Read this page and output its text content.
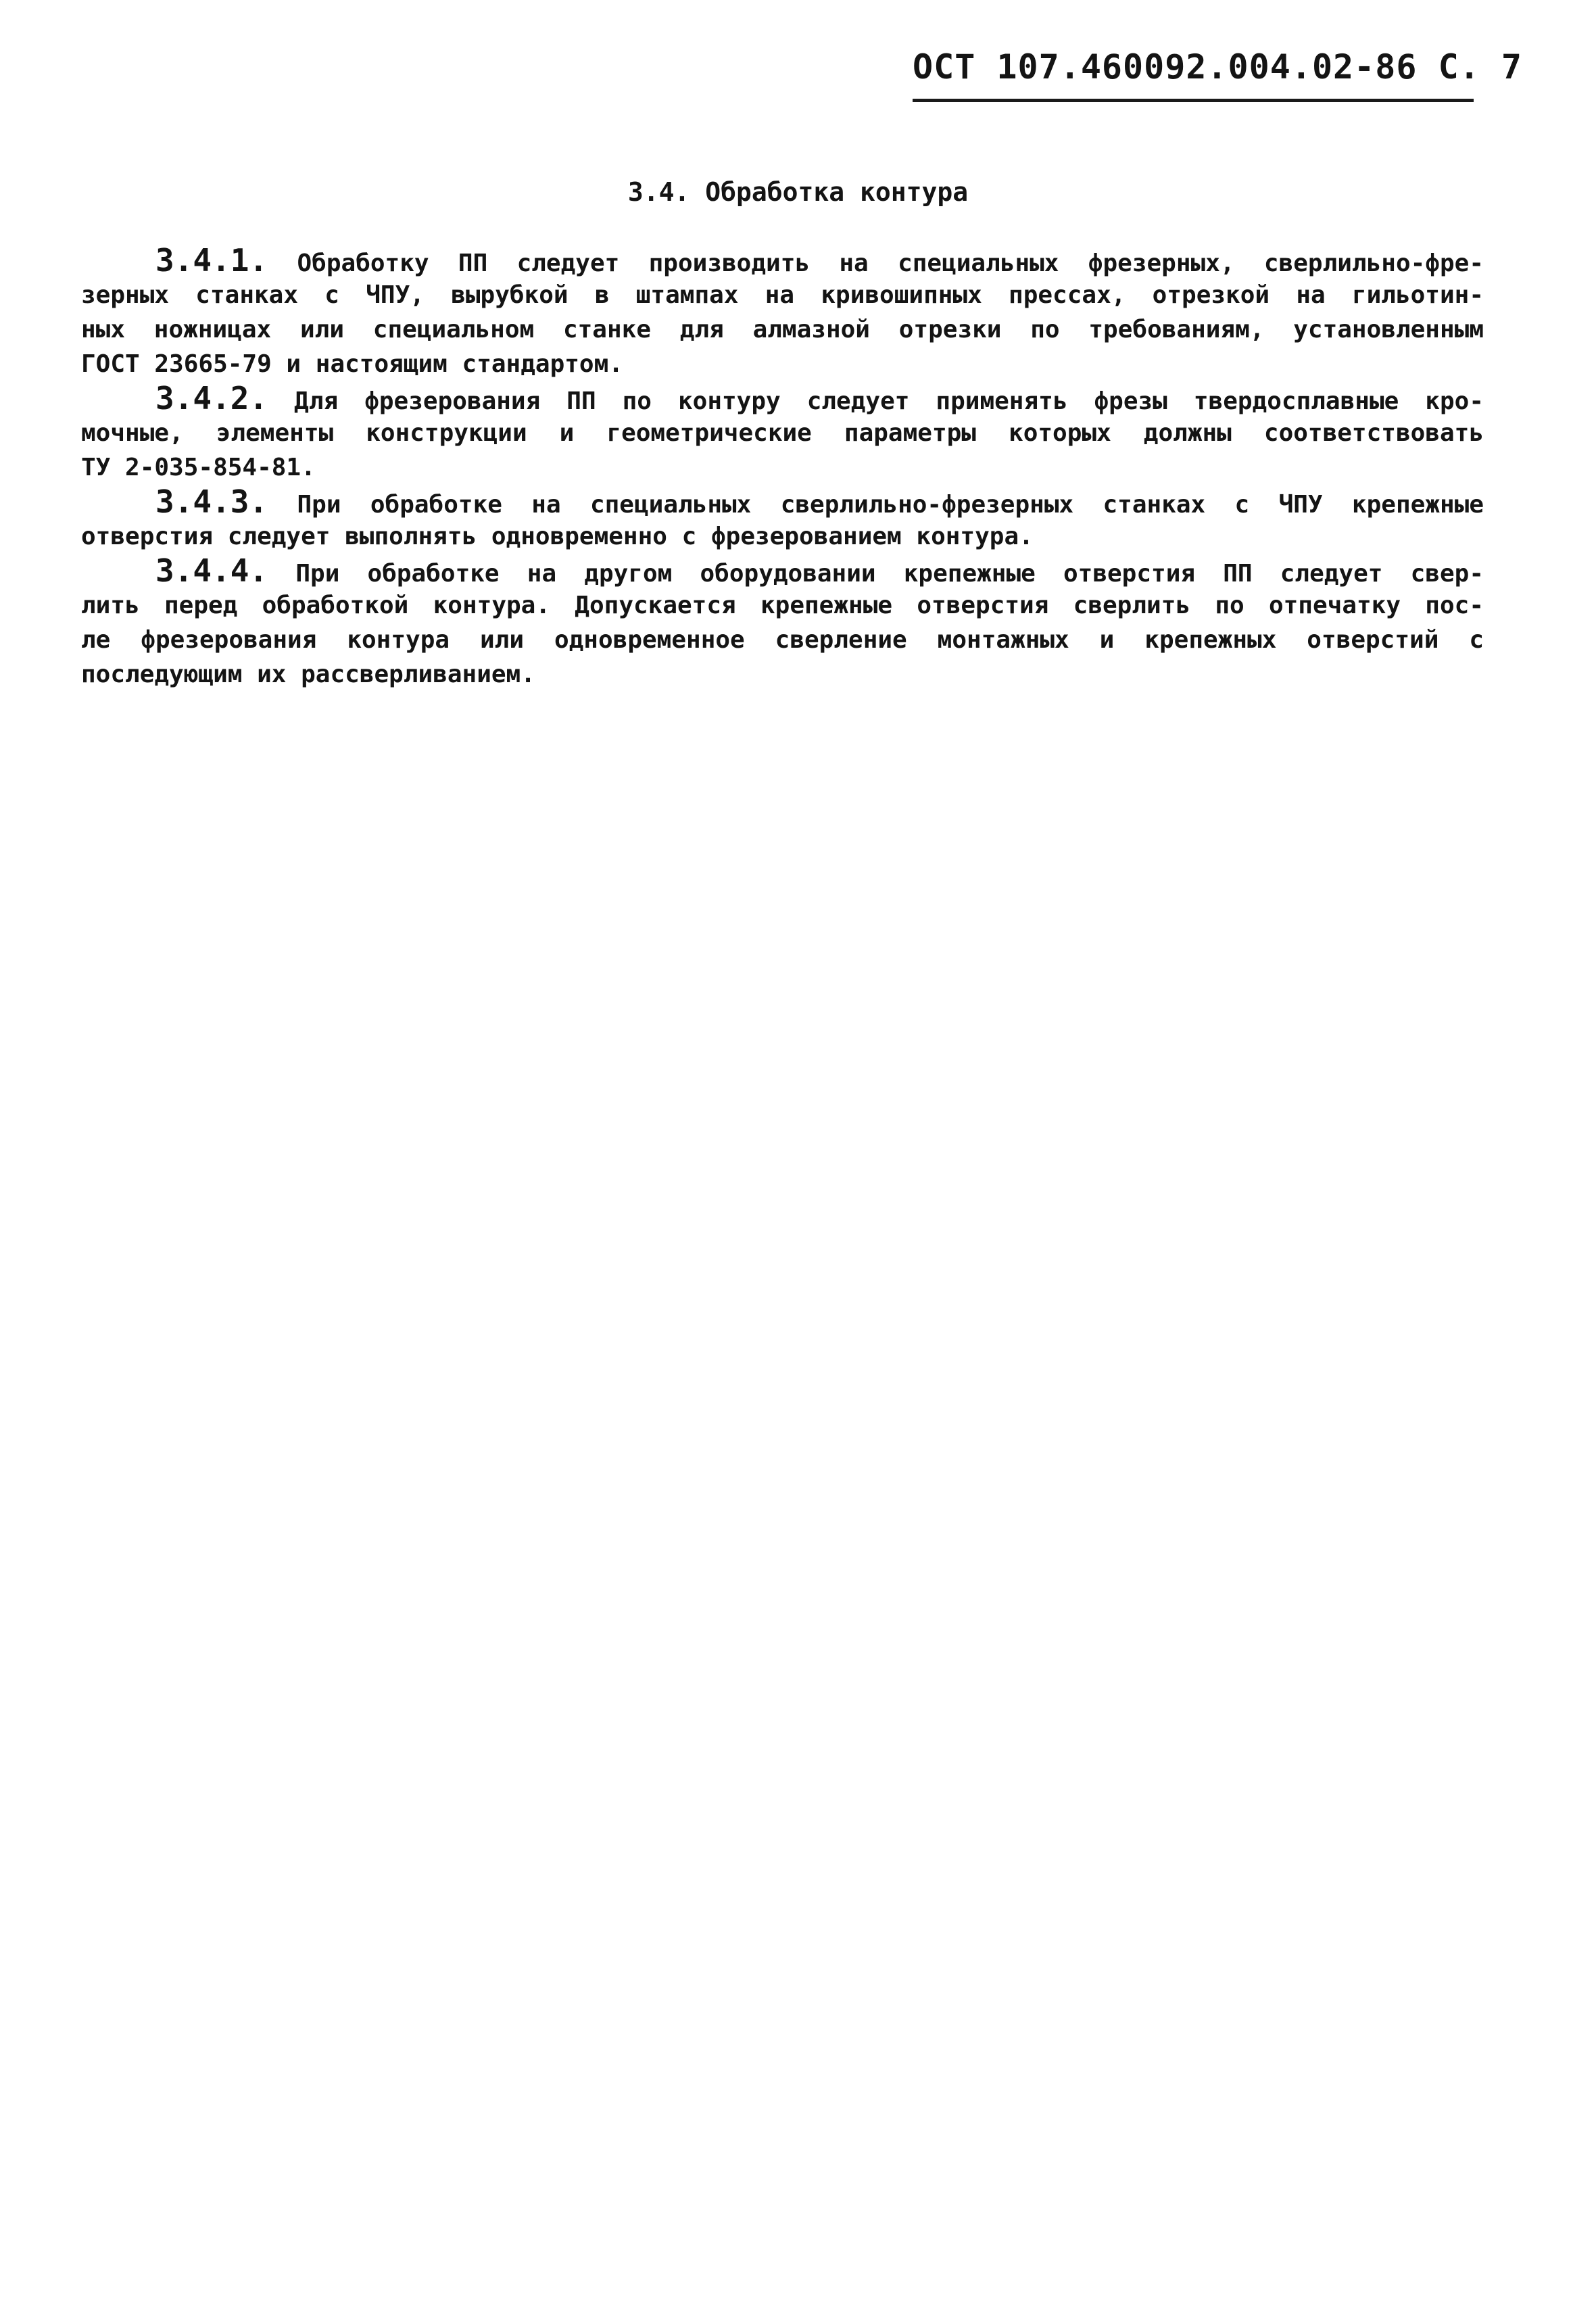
ОСТ 107.460092.004.02-86 С. 7
3.4. Обработка контура
3.4.1. Обработку ПП следует производить на специальных фрезерных, сверлильно-фре-
зерных станках с ЧПУ, вырубкой в штампах на кривошипных прессах, отрезкой на гильотин-
ных ножницах или специальном станке для алмазной отрезки по требованиям, установленным
ГОСТ 23665-79 и настоящим стандартом.
3.4.2. Для фрезерования ПП по контуру следует применять фрезы твердосплавные кро-
мочные, элементы конструкции и геометрические параметры которых должны соответствовать
ТУ 2-035-854-81.
3.4.3. При обработке на специальных сверлильно-фрезерных станках с ЧПУ крепежные
отверстия следует выполнять одновременно с фрезерованием контура.
3.4.4. При обработке на другом оборудовании крепежные отверстия ПП следует свер-
лить перед обработкой контура. Допускается крепежные отверстия сверлить по отпечатку пос-
ле фрезерования контура или одновременное сверление монтажных и крепежных отверстий с
последующим их рассверливанием.
